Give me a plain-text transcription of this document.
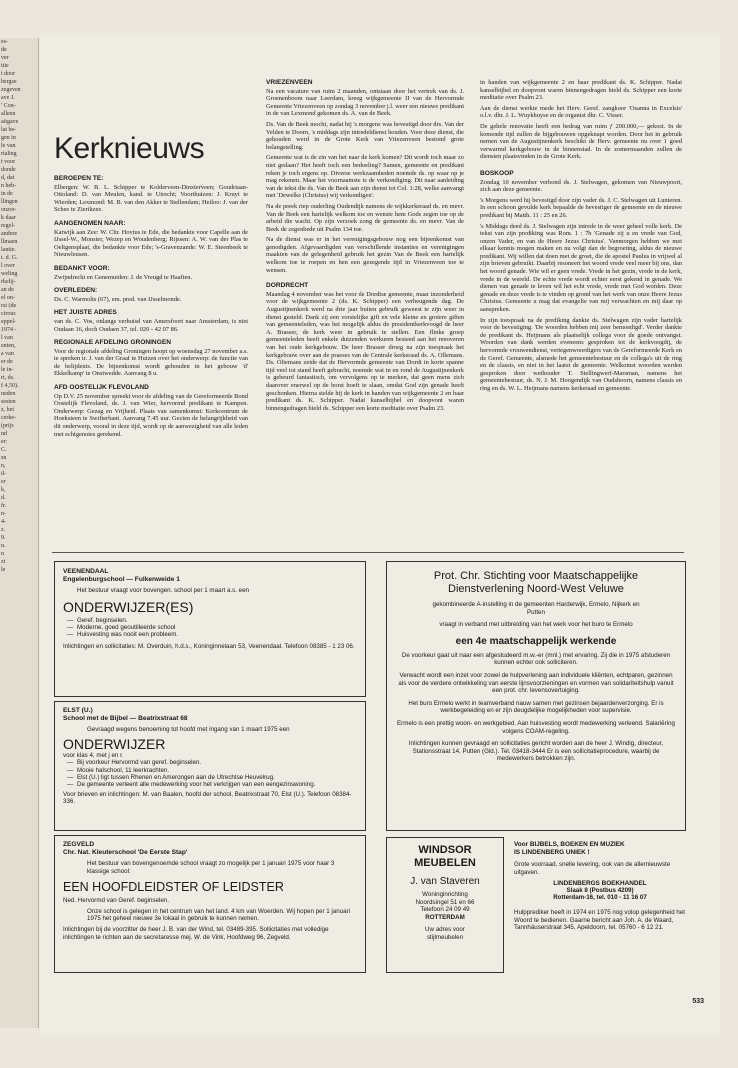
es-
de
ver
ttie
t door
bergse
zegeven
ave J.
' Con-
alleen
aitgave
lat be-
gen in
le van
rtaling
t voor
donde
d, dat
n heb-
in de
llingen
onzor-
k daar
regel-
andere
llmaen
lantie.
t. d. G.
l over
weling
rkelij-
an de
el on-
rst (de
cirour.
eppel-
1974 -
l van
enten,
a van
er de
le in-
rt, ds.
f 4,50).
neden
sesten
z, het
cerke-
(prijs
nd
er:
C.
sn
n,
il-
er
k,
d.
fr.
n-
4-
z.
9.
n.
n
zt
le
Kerknieuws
BEROEPEN TE:

Elbergen: W. B. L. Schipper te Kolderveen-Dinxterveen; Goudriaan-Ottoland: D. van Meulen, kand. te Utrecht; Voorthuizen: J. Kruyt te Wierden; Lexmond: M. B. van den Akker te Stellendam; Heiloo: J. van der Schee te Zierikzee.

AANGENOMEN NAAR:

Katwijk aan Zee: W. Chr. Hovius te Ede, die bedankte voor Capelle aan de IJssel-W., Monster, Wezep en Woudenberg; Rijssen: A. W. van der Plas te Oeltgensplaat, die bedankte voor Ede; 's-Gravenzande: W. E. Steenbeek te Nieuwleusen.

BEDANKT VOOR:

Zwijndrecht en Genemuiden: J. de Vreugd te Haaften.

OVERLEDEN:

Ds. C. Warmolts (67), em. pred. van IJsselmonde.

HET JUISTE ADRES

van ds. C. Vos, onlangs verhuisd van Amersfoort naar Amsterdam, is niet Oudaan 16, doch Oudaen 37, tel. 020 - 42 07 86.

REGIONALE AFDELING GRONINGEN

Voor de regionale afdeling Groningen hoopt op woensdag 27 november a.s. te spreken ir. J. van der Graaf te Huizen over het onderwerp: de functie van de belijdenis. De bijeenkomst wordt gehouden in het gebouw 'd' Ekkelkamp' te Onstwedde. Aanvang 8 u.

AFD OOSTELIJK FLEVOLAND

Op D.V. 25 november spreekt voor de afdeling van de Gereformeerde Bond Oostelijk Flevoland, ds. J. van Wier, hervormd predikant te Kampen. Onderwerp: Gezag en Vrijheid. Plaats van samenkomst: Kerkcentrum de Hoeksteen te Swifterbant. Aanvang 7.45 uur. Gezien de belangrijkheid van dit onderwerp, vooral in deze tijd, wordt op de aanwezigheid van alle leden met echtgenotes gerekend.

VRIEZENVEEN

Na een vacature van ruim 2 maanden, ontstaan door het vertrek van ds. J. Groenenboom naar Leerdam, kreeg wijkgemeente II van de Hervormde Gemeente Vriezenveen op zondag 3 november j.l. weer een nieuwe predikant in de van Lexmond gekomen ds. A. van de Beek.

Ds. Van de Beek mocht, nadat hij 's morgens was bevestigd door drs. Van der Velden te Doorn, 's middags zijn intredeldienst houden. Voor deze dienst, die gehouden werd in de Grote Kerk van Vriezenveen bestond grote belangstelling.

Gemeente wat is de zin van het naar de kerk komen? Dit wordt toch maar zo niet gedaan? Het heeft toch een bedoeling? Samen, gemeente en predikant reken je toch ergens op. Diverse werkzaamheden noemde ds. op waar op je mag rekenen. Maar het voornaamste is de verkondiging. Dit naar aanleiding van de tekst die ds. Van de Beek aan zijn dienst tot Col. 1:28, welke aanvangt met 'Dewelke (Christus) wij verkondigen'.

Na de preek riep ouderling Oudendijk namens de wijkkerkeraad ds. en mevr. Van de Beek een hartelijk welkom toe en wenste hem Gods zegen toe op de arbeid die wacht. Op zijn verzoek zong de gemeente ds. en mevr. Van de Beek de zegenbede uit Psalm 134 toe.

Na de dienst was er in het verenigingsgebouw nog een bijeenkomst van genodigden. Afgevaardigden van verschillende instanties en verenigingen maakten van de gelegenheid gebruik het gezin Van de Beek een hartelijk welkom toe te roepen en hen een gezegende tijd in Vriezenveen toe te wensen.

DORDRECHT

Maandag 4 november was het voor de Dordtse gemeente, maar inzonderheid voor de wijkgemeente 2 (ds. K. Schipper) een verheugende dag. De Augustijnenkerk werd na drie jaar buiten gebruik geweest te zijn weer in dienst gesteld. Dank zij een vorstelijke gift en vele kleine en grotere giften van gemeenteleden, was het mogelijk aldus de presidentkerkvoogd de heer A. Brasser, de kerk weer in gebruik te stellen. Een flinke groep gemeenteleden heeft enkele duizenden werkuren besteed aan het renoveren van het oude kerkgebouw. De heer Brasser droeg na zijn toespraak het kerkgebouw over aan de praeses van de Centrale kerkeraad ds. A. Ollemans. Ds. Oliemans zeide dat de Hervormde gemeente van Dordt in korte spanne tijd veel tot stand heeft gebracht, noemde wat in en rond de Augustijnenkerk is gebeurd fantastisch, om vervolgens op te merken, dat geen mens zich daarover enerwel op de borst hoeft te slaan, omdat God zijn genade heeft geschonken. Hierna stelde hij de kerk in handen van wijkgemeente 2 en haar predikant ds. K. Schipper. Nadat kanselbijbel en doopvont waren binnengedragen hield ds. Schipper een korte meditatie over Psalm 23.

in handen van wijkgemeente 2 en haar predikant ds. K. Schipper. Nadat kanselbijbel en doopvont waren binnengedragen hield ds. Schipper een korte meditatie over Psalm 23.

Aan de dienst werkte mede het Herv. Geref. zangkoor 'Osanna in Excelsis' o.l.v. dhr. J. L. Wuykhuyse en de organist dhr. C. Visser.

De gehele renovatie heeft een bedrag van ruim ƒ 200.000,— gekost. In de komende tijd zullen de bijgebouwen opgeknapt worden. Door het in gebruik nemen van de Augustijnenkerk beschikt de Herv. gemeente nu over 1 goed verwarmd kerkgebouw in de binnenstad. In de zomermaanden zullen de diensten plaatsvinden in de Grote Kerk.

BOSKOOP

Zondag 10 november verbond ds. J. Stelwagen, gekomen van Nieuwpoort, zich aan deze gemeente.

's Morgens werd hij bevestigd door zijn vader ds. J. C. Stelwagen uit Lunteren. In een schoon gevulde kerk bepaalde de bevestiger de gemeente en de nieuwe predikant bij Matth. 11 : 25 en 26.

's Middags deed ds. J. Stelwagen zijn intrede in de weer geheel volle kerk. De tekst van zijn prediking was Rom. 1 : 7b 'Genade zij u en vrede van God, onzen Vader, en van de Heere Jezus Christus'. Vanmorgen hebben we met elkaar kennis mogen maken en nu volgt dan de begroeting, aldus de nieuwe predikant. Wij willen dat doen met de groet, die de apostel Paulus in vrijwel al zijn brieven gebruikt. Daarbij resoneert het woord vrede veel meer bij ons, dan het woord genade. Wie wil er geen vrede. Vrede in het gezin, vrede in de kerk, vrede in de wereld. De echte vrede wordt echter eerst gekend in genade. We dienen van genade te leven wil het echt vrede, vrede met God worden. Deze genade en deze vrede is te vinden op grond van het werk van onze Heere Jezus Christus. Gemeente u mag dat evangelie van mij verwachten en mij daar op aanspreken.

In zijn toespraak na de prediking dankte ds. Stelwagen zijn vader hartelijk voor de bevestiging. 'De woorden hebben mij zeer bemoedigd'. Verder dankte de predikant ds. Heijmans als plaatselijk collega voor de goede ontvangst. Woorden van dank werden eveneens gesproken tot de kerkvoogdij, de hervormde vrouwendienst, vertegenwoordigers van de Gereformeerde Kerk en de Geref. Gemeente, alsmede het gemeentebestuur en de collega's uit de ring en de classis, en niet in het laatst de gemeente. Welkomst woorden werden gesproken door wethouder T. Stellingwerf-Marsman, namens het gemeentebestuur, ds. N. J. M. Hoogendijk van Oudshoorn, namens classis en ring en ds. W. L. Heijmans namens kerkeraad en gemeente.

VEENENDAAL
Engelenburgschool — Fulkenweide 1
Het bestuur vraagt voor bovengen. school per 1 maart a.s. een
ONDERWIJZER(ES)
— Geref. beginselen.
— Moderne, goed geoutilleerde school
— Huisvesting was nooit een probleem.
Inlichtingen en sollicitaties: M. Overduin, h.d.s., Koninginnelaan 53, Veenendaal. Telefoon 08385 - 1 23 06.
ELST (U.)
School met de Bijbel — Beatrixstraat 68
Gevraagd wegens benoeming tot hoofd met ingang van 1 maart 1975 een
ONDERWIJZER
voor klas 4, met j en r.
— Bij voorkeur Hervormd van geref. beginselen.
— Mooie halschool, 11 leerkrachten.
— Elst (U.) ligt tussen Rhenen en Amerongen aan de Utrechtse Heuvelrug.
— De gemeente verleent alle medewerking voor het verkrijgen van een eengezinswoning.
Voor brieven en inlichtingen: M. van Baalen, hoofd der school, Beatrixstraat 70, Elst (U.). Telefoon 08384-336.
ZEGVELD
Chr. Nat. Kleuterschool 'De Eerste Stap'
Het bestuur van bovengenoemde school vraagt zo mogelijk per 1 januari 1975 voor haar 3 klassige school:
EEN HOOFDLEIDSTER OF LEIDSTER
Ned. Hervormd van Geref. beginselen.
Onze school is gelegen in het centrum van het land. 4 km van Woerden. Wij hopen per 1 januari 1975 het geheel nieuwe 3e lokaal in gebruik te kunnen nemen.
Inlichtingen bij de voorzitter de heer J. B. van der Wind, tel. 03489-395. Sollicitaties met volledige inlichtingen te richten aan de secretaresse mej. W. de Vink, Hoofdweg 96, Zegveld.
Prot. Chr. Stichting voor Maatschappelijke Dienstverlening Noord-West Veluwe
gekombineerde A-instelling in de gemeenten Harderwijk, Ermelo, Nijkerk en Putten
vraagt in verband met uitbreiding van het werk voor het buro te Ermelo
een 4e maatschappelijk werkende
De voorkeur gaat uit naar een afgestudeerd m.w.-er (mnl.) met ervaring. Zij die in 1975 afstuderen kunnen echter ook solliciteren.
Verwacht wordt een inzet voor zowel de hulpverlening aan individuele kliënten, echtparen, gezinnen als voor de verdere ontwikkeling van eerste lijnsvoorzieningen en vormen van solidariteitshulp vanuit een prot. chr. levensovertuiging.
Het buro Ermelo werkt in teamverband nauw samen met gezinsen bejaardenverzorging. Er is werkbegeleiding en er zijn deugdelijke mogelijkheden voor supervisie.
Ermelo is een prettig woon- en werkgebied. Aan huisvesting wordt medewerking verleend. Salariëring volgens COAM-regeling.
Inlichtingen kunnen gevraagd en sollicitaties gericht worden aan de heer J. Windig, directeur, Stationsstraat 14, Putten (Gld.). Tel. 03418-3444 Er is een sollicitatieprocedure, waarbij de medewerkers betrokken zijn.
WINDSOR MEUBELEN
J. van Staveren
Woninginrichting
Noordsingel 51 en 66
Telefoon 24 09 49
ROTTERDAM
Uw adres voor
stijlmeubelen
Voor BIJBELS, BOEKEN EN MUZIEK
IS LINDENBERG UNIEK !
Grote voorraad, snelle levering, ook van de allernieuwste uitgaven.
LINDENBERGS BOEKHANDEL
Slaak 8 (Postbus 4209)
Rotterdam-16, tel. 010 - 11 16 07
Hulpprediker heeft in 1974 en 1975 nog volop gelegenheid het Woord te bedienen. Gaarne bericht aan Joh. A. de Waard, Tannhäuserstraat 345, Apeldoorn, tel. 05760 - 6 12 21.
533
